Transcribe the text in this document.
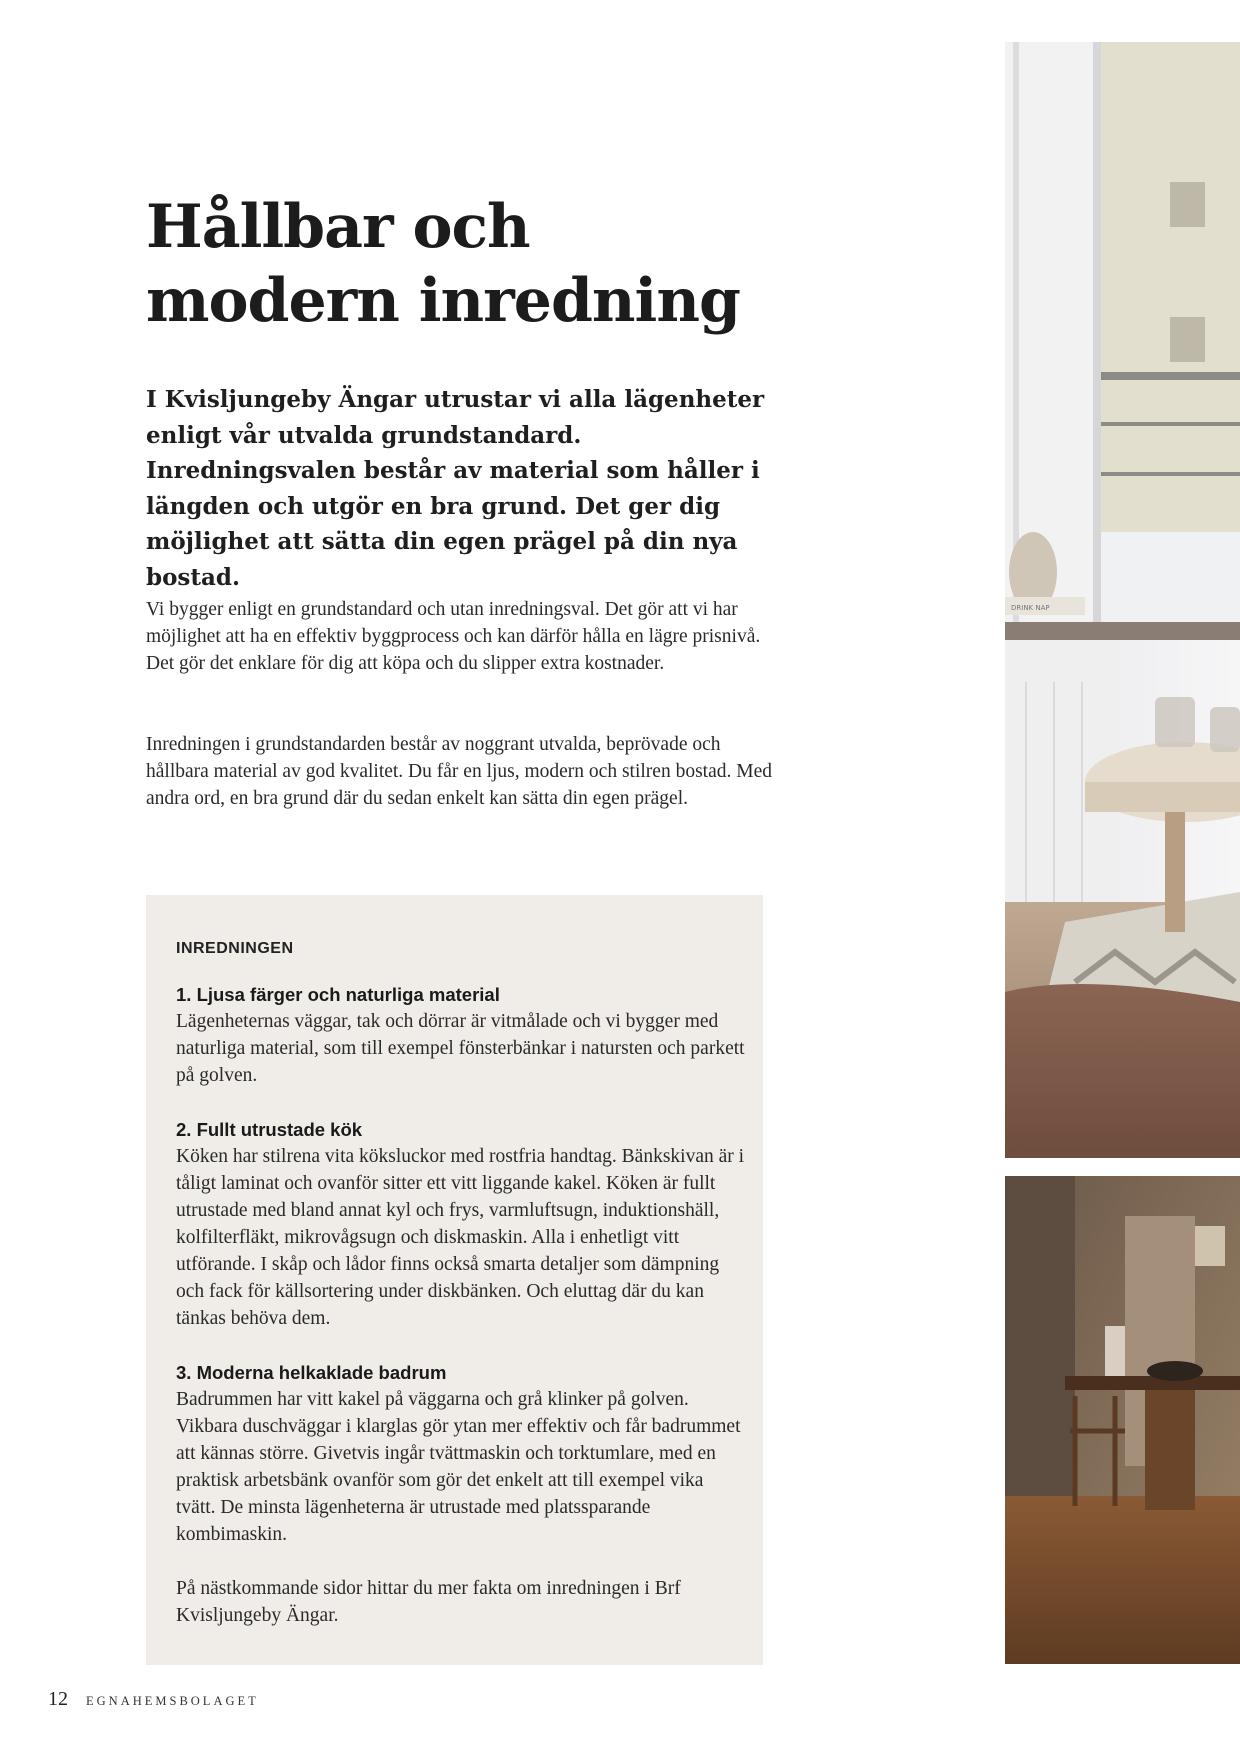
Hållbar och modern inredning

I Kvisljungeby Ängar utrustar vi alla lägenheter enligt vår utvalda grundstandard. Inredningsvalen består av material som håller i längden och utgör en bra grund. Det ger dig möjlighet att sätta din egen prägel på din nya bostad.

Vi bygger enligt en grundstandard och utan inredningsval. Det gör att vi har möjlighet att ha en effektiv byggprocess och kan därför hålla en lägre prisnivå. Det gör det enklare för dig att köpa och du slipper extra kostnader.

Inredningen i grundstandarden består av noggrant utvalda, beprövade och hållbara material av god kvalitet. Du får en ljus, modern och stilren bostad. Med andra ord, en bra grund där du sedan enkelt kan sätta din egen prägel.

INREDNINGEN

1. Ljusa färger och naturliga material

Lägenheternas väggar, tak och dörrar är vitmålade och vi bygger med naturliga material, som till exempel fönsterbänkar i natursten och parkett på golven.

2. Fullt utrustade kök

Köken har stilrena vita köksluckor med rostfria handtag. Bänkskivan är i tåligt laminat och ovanför sitter ett vitt liggande kakel. Köken är fullt utrustade med bland annat kyl och frys, varmluftsugn, induktionshäll, kolfilterfläkt, mikrovågsugn och diskmaskin. Alla i enhetligt vitt utförande. I skåp och lådor finns också smarta detaljer som dämpning och fack för källsortering under diskbänken. Och eluttag där du kan tänkas behöva dem.

3. Moderna helkaklade badrum

Badrummen har vitt kakel på väggarna och grå klinker på golven. Vikbara duschväggar i klarglas gör ytan mer effektiv och får badrummet att kännas större. Givetvis ingår tvättmaskin och torktumlare, med en praktisk arbetsbänk ovanför som gör det enkelt att till exempel vika tvätt. De minsta lägenheterna är utrustade med platssparande kombimaskin.

På nästkommande sidor hittar du mer fakta om inredningen i Brf Kvisljungeby Ängar.

12 EGNAHEMSBOLAGET
DRINK NAP
